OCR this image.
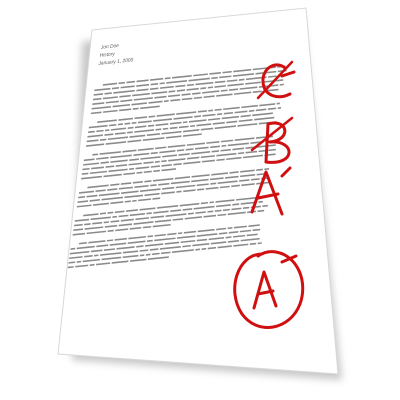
Jon Doe
History
January 1, 2000
